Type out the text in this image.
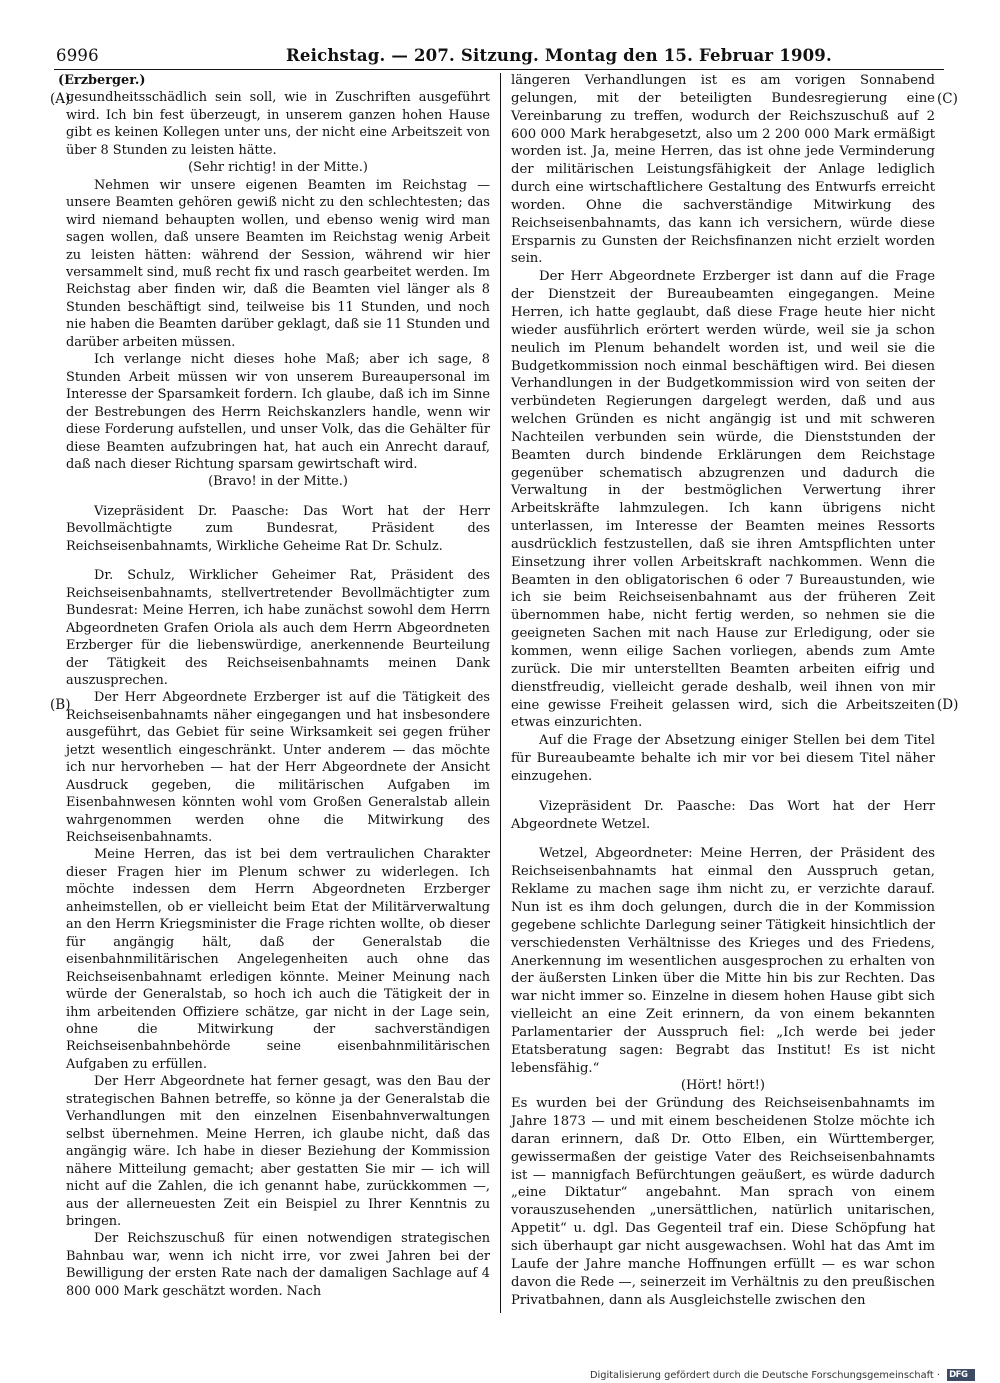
6996	Reichstag. — 207. Sitzung. Montag den 15. Februar 1909.
(A)
(B)
(C)
(D)

(Erzberger.)

gesundheitsschädlich sein soll, wie in Zuschriften ausgeführt wird. Ich bin fest überzeugt, in unserem ganzen hohen Hause gibt es keinen Kollegen unter uns, der nicht eine Arbeitszeit von über 8 Stunden zu leisten hätte.

(Sehr richtig! in der Mitte.)

Nehmen wir unsere eigenen Beamten im Reichstag — unsere Beamten gehören gewiß nicht zu den schlechtesten; das wird niemand behaupten wollen, und ebenso wenig wird man sagen wollen, daß unsere Beamten im Reichstag wenig Arbeit zu leisten hätten: während der Session, während wir hier versammelt sind, muß recht fix und rasch gearbeitet werden. Im Reichstag aber finden wir, daß die Beamten viel länger als 8 Stunden beschäftigt sind, teilweise bis 11 Stunden, und noch nie haben die Beamten darüber geklagt, daß sie 11 Stunden und darüber arbeiten müssen.

Ich verlange nicht dieses hohe Maß; aber ich sage, 8 Stunden Arbeit müssen wir von unserem Bureaupersonal im Interesse der Sparsamkeit fordern. Ich glaube, daß ich im Sinne der Bestrebungen des Herrn Reichskanzlers handle, wenn wir diese Forderung aufstellen, und unser Volk, das die Gehälter für diese Beamten aufzubringen hat, hat auch ein Anrecht darauf, daß nach dieser Richtung sparsam gewirtschaft wird.

(Bravo! in der Mitte.)

Vizepräsident Dr. Paasche: Das Wort hat der Herr Bevollmächtigte zum Bundesrat, Präsident des Reichseisenbahnamts, Wirkliche Geheime Rat Dr. Schulz.

Dr. Schulz, Wirklicher Geheimer Rat, Präsident des Reichseisenbahnamts, stellvertretender Bevollmächtigter zum Bundesrat: Meine Herren, ich habe zunächst sowohl dem Herrn Abgeordneten Grafen Oriola als auch dem Herrn Abgeordneten Erzberger für die liebenswürdige, anerkennende Beurteilung der Tätigkeit des Reichseisenbahnamts meinen Dank auszusprechen.

Der Herr Abgeordnete Erzberger ist auf die Tätigkeit des Reichseisenbahnamts näher eingegangen und hat insbesondere ausgeführt, das Gebiet für seine Wirksamkeit sei gegen früher jetzt wesentlich eingeschränkt. Unter anderem — das möchte ich nur hervorheben — hat der Herr Abgeordnete der Ansicht Ausdruck gegeben, die militärischen Aufgaben im Eisenbahnwesen könnten wohl vom Großen Generalstab allein wahrgenommen werden ohne die Mitwirkung des Reichseisenbahnamts.

Meine Herren, das ist bei dem vertraulichen Charakter dieser Fragen hier im Plenum schwer zu widerlegen. Ich möchte indessen dem Herrn Abgeordneten Erzberger anheimstellen, ob er vielleicht beim Etat der Militärverwaltung an den Herrn Kriegsminister die Frage richten wollte, ob dieser für angängig hält, daß der Generalstab die eisenbahnmilitärischen Angelegenheiten auch ohne das Reichseisenbahnamt erledigen könnte. Meiner Meinung nach würde der Generalstab, so hoch ich auch die Tätigkeit der in ihm arbeitenden Offiziere schätze, gar nicht in der Lage sein, ohne die Mitwirkung der sachverständigen Reichseisenbahnbehörde seine eisenbahnmilitärischen Aufgaben zu erfüllen.

Der Herr Abgeordnete hat ferner gesagt, was den Bau der strategischen Bahnen betreffe, so könne ja der Generalstab die Verhandlungen mit den einzelnen Eisenbahnverwaltungen selbst übernehmen. Meine Herren, ich glaube nicht, daß das angängig wäre. Ich habe in dieser Beziehung der Kommission nähere Mitteilung gemacht; aber gestatten Sie mir — ich will nicht auf die Zahlen, die ich genannt habe, zurückkommen —, aus der allerneuesten Zeit ein Beispiel zu Ihrer Kenntnis zu bringen.

Der Reichszuschuß für einen notwendigen strategischen Bahnbau war, wenn ich nicht irre, vor zwei Jahren bei der Bewilligung der ersten Rate nach der damaligen Sachlage auf 4 800 000 Mark geschätzt worden. Nach

längeren Verhandlungen ist es am vorigen Sonnabend gelungen, mit der beteiligten Bundesregierung eine Vereinbarung zu treffen, wodurch der Reichszuschuß auf 2 600 000 Mark herabgesetzt, also um 2 200 000 Mark ermäßigt worden ist. Ja, meine Herren, das ist ohne jede Verminderung der militärischen Leistungsfähigkeit der Anlage lediglich durch eine wirtschaftlichere Gestaltung des Entwurfs erreicht worden. Ohne die sachverständige Mitwirkung des Reichseisenbahnamts, das kann ich versichern, würde diese Ersparnis zu Gunsten der Reichsfinanzen nicht erzielt worden sein.

Der Herr Abgeordnete Erzberger ist dann auf die Frage der Dienstzeit der Bureaubeamten eingegangen. Meine Herren, ich hatte geglaubt, daß diese Frage heute hier nicht wieder ausführlich erörtert werden würde, weil sie ja schon neulich im Plenum behandelt worden ist, und weil sie die Budgetkommission noch einmal beschäftigen wird. Bei diesen Verhandlungen in der Budgetkommission wird von seiten der verbündeten Regierungen dargelegt werden, daß und aus welchen Gründen es nicht angängig ist und mit schweren Nachteilen verbunden sein würde, die Dienststunden der Beamten durch bindende Erklärungen dem Reichstage gegenüber schematisch abzugrenzen und dadurch die Verwaltung in der bestmöglichen Verwertung ihrer Arbeitskräfte lahmzulegen. Ich kann übrigens nicht unterlassen, im Interesse der Beamten meines Ressorts ausdrücklich festzustellen, daß sie ihren Amtspflichten unter Einsetzung ihrer vollen Arbeitskraft nachkommen. Wenn die Beamten in den obligatorischen 6 oder 7 Bureaustunden, wie ich sie beim Reichseisenbahnamt aus der früheren Zeit übernommen habe, nicht fertig werden, so nehmen sie die geeigneten Sachen mit nach Hause zur Erledigung, oder sie kommen, wenn eilige Sachen vorliegen, abends zum Amte zurück. Die mir unterstellten Beamten arbeiten eifrig und dienstfreudig, vielleicht gerade deshalb, weil ihnen von mir eine gewisse Freiheit gelassen wird, sich die Arbeitszeiten etwas einzurichten.

Auf die Frage der Absetzung einiger Stellen bei dem Titel für Bureaubeamte behalte ich mir vor bei diesem Titel näher einzugehen.

Vizepräsident Dr. Paasche: Das Wort hat der Herr Abgeordnete Wetzel.

Wetzel, Abgeordneter: Meine Herren, der Präsident des Reichseisenbahnamts hat einmal den Ausspruch getan, Reklame zu machen sage ihm nicht zu, er verzichte darauf. Nun ist es ihm doch gelungen, durch die in der Kommission gegebene schlichte Darlegung seiner Tätigkeit hinsichtlich der verschiedensten Verhältnisse des Krieges und des Friedens, Anerkennung im wesentlichen ausgesprochen zu erhalten von der äußersten Linken über die Mitte hin bis zur Rechten. Das war nicht immer so. Einzelne in diesem hohen Hause gibt sich vielleicht an eine Zeit erinnern, da von einem bekannten Parlamentarier der Ausspruch fiel: „Ich werde bei jeder Etatsberatung sagen: Begrabt das Institut! Es ist nicht lebensfähig.“

(Hört! hört!)

Es wurden bei der Gründung des Reichseisenbahnamts im Jahre 1873 — und mit einem bescheidenen Stolze möchte ich daran erinnern, daß Dr. Otto Elben, ein Württemberger, gewissermaßen der geistige Vater des Reichseisenbahnamts ist — mannigfach Befürchtungen geäußert, es würde dadurch „eine Diktatur“ angebahnt. Man sprach von einem vorauszusehenden „unersättlichen, natürlich unitarischen, Appetit“ u. dgl. Das Gegenteil traf ein. Diese Schöpfung hat sich überhaupt gar nicht ausgewachsen. Wohl hat das Amt im Laufe der Jahre manche Hoffnungen erfüllt — es war schon davon die Rede —, seinerzeit im Verhältnis zu den preußischen Privatbahnen, dann als Ausgleichstelle zwischen den

Digitalisierung gefördert durch die Deutsche Forschungsgemeinschaft · DFG
